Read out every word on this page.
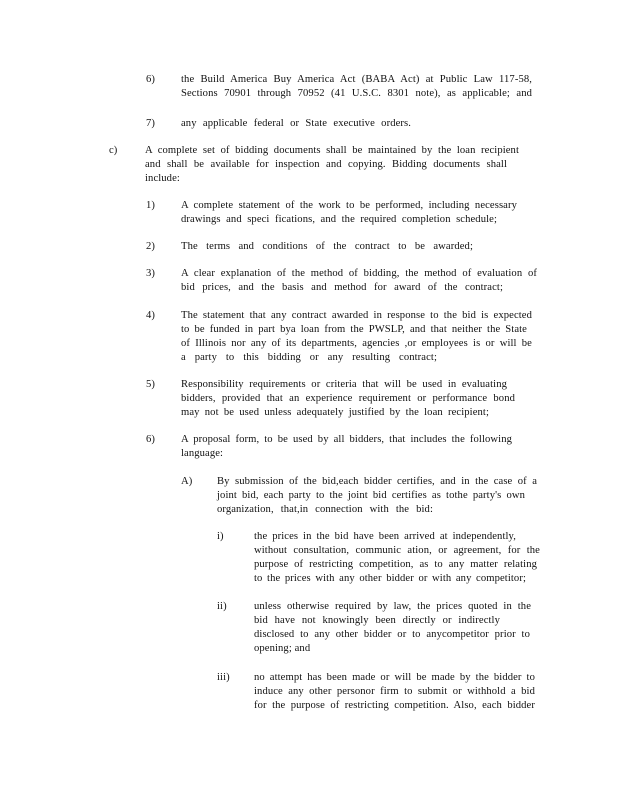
6) the Build America Buy America Act (BABA Act) at Public Law 117-58,
Sections 70901 through 70952 (41 U.S.C. 8301 note), as applicable; and
7) any applicable federal or State executive orders.
c)	A complete set of bidding documents shall be maintained by the loan recipient
and shall be available for inspection and copying. Bidding documents shall
include:
1) A complete statement of the work to be performed, including necessary
drawings and speci fications, and the required completion schedule;
2) The terms and conditions of the contract to be awarded;
3) A clear explanation of the method of bidding, the method of evaluation of
bid prices, and the basis and method for award of the contract;
4) The statement that any contract awarded in response to the bid is expected
to be funded in part bya loan from the PWSLP, and that neither the State
of Illinois nor any of its departments, agencies ,or employees is or will be
a party to this bidding or any resulting contract;
5) Responsibility requirements or criteria that will be used in evaluating
bidders, provided that an experience requirement or performance bond
may not be used unless adequately justified by the loan recipient;
6) A proposal form, to be used by all bidders, that includes the following
language:
A) By submission of the bid,each bidder certifies, and in the case of a
joint bid, each party to the joint bid certifies as tothe party's own
organization, that,in connection with the bid:
i)	the prices in the bid have been arrived at independently,
without consultation, communic ation, or agreement, for the
purpose of restricting competition, as to any matter relating
to the prices with any other bidder or with any competitor;
ii)	unless otherwise required by law, the prices quoted in the
bid have not knowingly been directly or indirectly
disclosed to any other bidder or to anycompetitor prior to
opening; and
iii) no attempt has been made or will be made by the bidder to
induce any other personor firm to submit or withhold a bid
for the purpose of restricting competition. Also, each bidder
